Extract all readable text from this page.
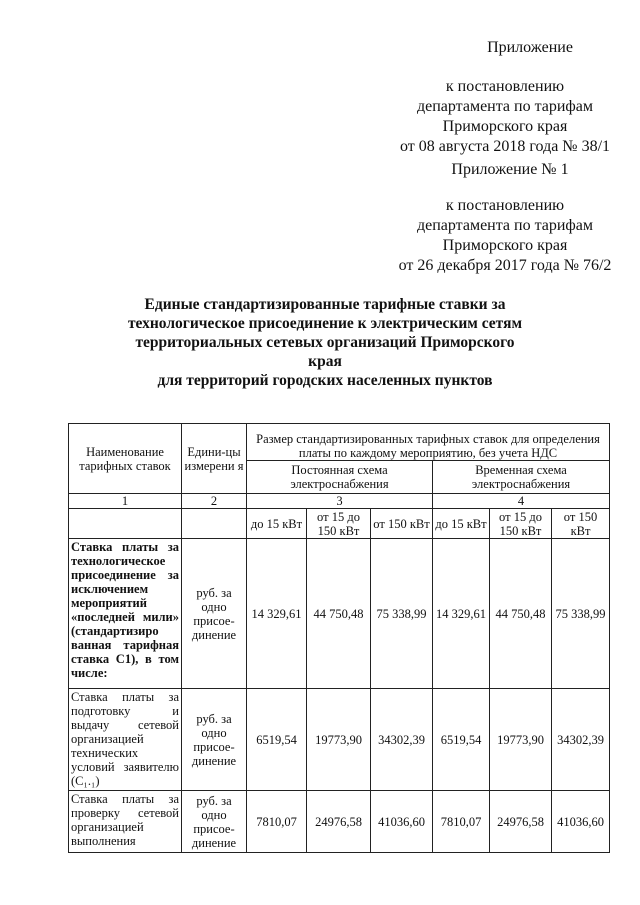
Приложение
к постановлению
департамента по тарифам
Приморского края
от 08 августа 2018 года № 38/1
Приложение № 1
к постановлению
департамента по тарифам
Приморского края
от 26 декабря 2017 года № 76/2
Единые стандартизированные тарифные ставки за
технологическое присоединение к электрическим сетям
территориальных сетевых организаций Приморского края
для территорий городских населенных пунктов
Наименование тарифных ставок	Едини-цы измерени я	Размер стандартизированных тарифных ставок для определения платы по каждому мероприятию, без учета НДС					
		Постоянная схема электроснабжения			Временная схема электроснабжения		
1	2	3			4		
		до 15 кВт	от 15 до 150 кВт	от 150 кВт	до 15 кВт	от 15 до 150 кВт	от 150 кВт
Ставка платы за технологическое присоединение за исключением мероприятий «последней мили» (стандартизиро ванная тарифная ставка С1), в том числе:	руб. за одно присое-динение	14 329,61	44 750,48	75 338,99	14 329,61	44 750,48	75 338,99
Ставка платы за подготовку и выдачу сетевой организацией технических условий заявителю (C₁.₁)	руб. за одно присое-динение	6519,54	19773,90	34302,39	6519,54	19773,90	34302,39
Ставка платы за проверку сетевой организацией выполнения	руб. за одно присое-динение	7810,07	24976,58	41036,60	7810,07	24976,58	41036,60
